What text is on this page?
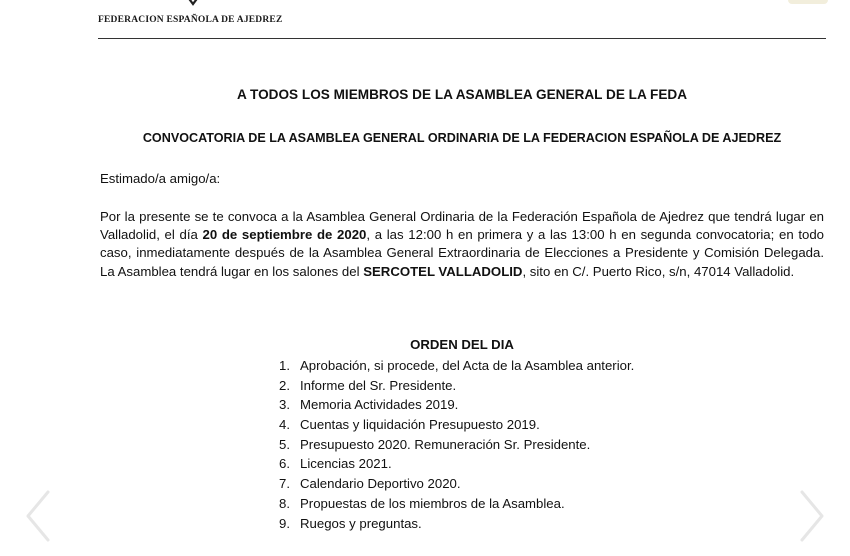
FEDERACION ESPAÑOLA DE AJEDREZ
A TODOS LOS MIEMBROS DE LA ASAMBLEA GENERAL DE LA FEDA
CONVOCATORIA DE LA ASAMBLEA GENERAL ORDINARIA DE LA FEDERACION ESPAÑOLA DE AJEDREZ
Estimado/a amigo/a:
Por la presente se te convoca a la Asamblea General Ordinaria de la Federación Española de Ajedrez que tendrá lugar en Valladolid, el día 20 de septiembre de 2020, a las 12:00 h en primera y a las 13:00 h en segunda convocatoria; en todo caso, inmediatamente después de la Asamblea General Extraordinaria de Elecciones a Presidente y Comisión Delegada. La Asamblea tendrá lugar en los salones del SERCOTEL VALLADOLID, sito en C/. Puerto Rico, s/n, 47014 Valladolid.
ORDEN DEL DIA
1. Aprobación, si procede, del Acta de la Asamblea anterior.
2. Informe del Sr. Presidente.
3. Memoria Actividades 2019.
4. Cuentas y liquidación Presupuesto 2019.
5. Presupuesto 2020. Remuneración Sr. Presidente.
6. Licencias 2021.
7. Calendario Deportivo 2020.
8. Propuestas de los miembros de la Asamblea.
9. Ruegos y preguntas.
